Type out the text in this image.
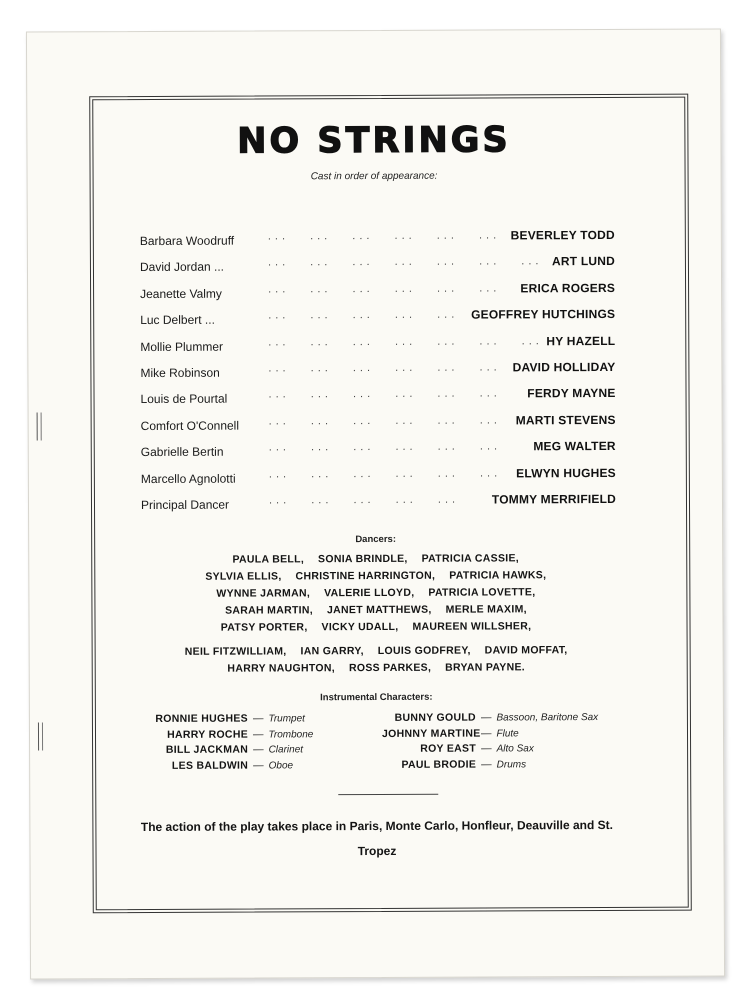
NO STRINGS
Cast in order of appearance:
Barbara Woodruff	... ... ... ... ... ... BEVERLEY TODD
David Jordan ...	... ... ... ... ... ... ... ART LUND
Jeanette Valmy	... ... ... ... ... ... ERICA ROGERS
Luc Delbert ...	... ... ... ... ...	GEOFFREY HUTCHINGS
Mollie Plummer	... ... ... ... ... ... ... HY HAZELL
Mike Robinson	... ... ... ... ... ... DAVID HOLLIDAY
Louis de Pourtal	... ... ... ... ... ... FERDY MAYNE
Comfort O'Connell	... ... ... ... ... ... MARTI STEVENS
Gabrielle Bertin	... ... ... ... ... ...	MEG WALTER
Marcello Agnolotti	... ... ... ... ... ... ELWYN HUGHES
Principal Dancer	... ... ... ... ...	TOMMY MERRIFIELD
Dancers:
PAULA BELL, SONIA BRINDLE, PATRICIA CASSIE,
SYLVIA ELLIS, CHRISTINE HARRINGTON, PATRICIA HAWKS,
WYNNE JARMAN, VALERIE LLOYD, PATRICIA LOVETTE,
SARAH MARTIN, JANET MATTHEWS, MERLE MAXIM,
PATSY PORTER, VICKY UDALL, MAUREEN WILLSHER,
NEIL FITZWILLIAM, IAN GARRY, LOUIS GODFREY, DAVID MOFFAT,
HARRY NAUGHTON, ROSS PARKES, BRYAN PAYNE.
Instrumental Characters:
RONNIE HUGHES — Trumpet
HARRY ROCHE — Trombone
BILL JACKMAN — Clarinet
LES BALDWIN — Oboe
BUNNY GOULD — Bassoon, Baritone Sax
JOHNNY MARTINE— Flute
ROY EAST — Alto Sax
PAUL BRODIE — Drums
The action of the play takes place in Paris, Monte Carlo, Honfleur, Deauville and St. Tropez
